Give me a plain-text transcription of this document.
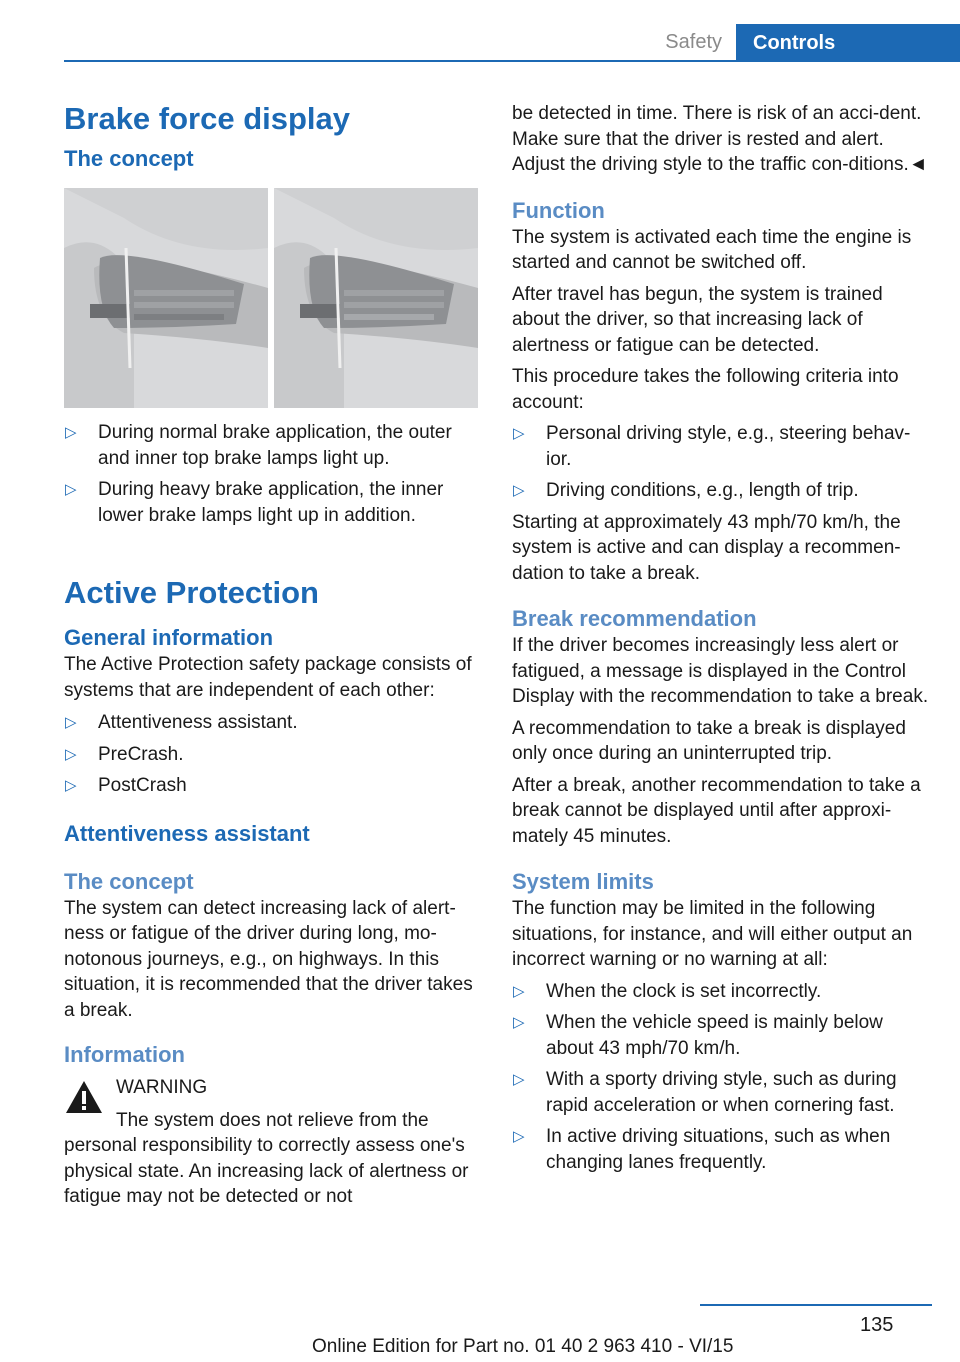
Safety	Controls
Brake force display
The concept
▷ During normal brake application, the outer and inner top brake lamps light up.
▷ During heavy brake application, the inner lower brake lamps light up in addition.
Active Protection
General information

The Active Protection safety package consists of systems that are independent of each other:

▷ Attentiveness assistant.
▷ PreCrash.
▷ PostCrash
Attentiveness assistant
The concept

The system can detect increasing lack of alert‐ness or fatigue of the driver during long, mo‐notonous journeys, e.g., on highways. In this situation, it is recommended that the driver takes a break.

Information

WARNING

The system does not relieve from the

personal responsibility to correctly assess one's physical state. An increasing lack of alertness or fatigue may not be detected or not

be detected in time. There is risk of an acci‐dent. Make sure that the driver is rested and alert. Adjust the driving style to the traffic con‐ditions.◄

Function

The system is activated each time the engine is started and cannot be switched off.

After travel has begun, the system is trained about the driver, so that increasing lack of alertness or fatigue can be detected.

This procedure takes the following criteria into account:

▷ Personal driving style, e.g., steering behav‐ior.
▷ Driving conditions, e.g., length of trip.

Starting at approximately 43 mph/70 km/h, the system is active and can display a recommen‐dation to take a break.

Break recommendation

If the driver becomes increasingly less alert or fatigued, a message is displayed in the Control Display with the recommendation to take a break.

A recommendation to take a break is displayed only once during an uninterrupted trip.

After a break, another recommendation to take a break cannot be displayed until after approxi‐mately 45 minutes.

System limits

The function may be limited in the following situations, for instance, and will either output an incorrect warning or no warning at all:

▷ When the clock is set incorrectly.
▷ When the vehicle speed is mainly below about 43 mph/70 km/h.
▷ With a sporty driving style, such as during rapid acceleration or when cornering fast.
▷ In active driving situations, such as when changing lanes frequently.
135
Online Edition for Part no. 01 40 2 963 410 - VI/15
